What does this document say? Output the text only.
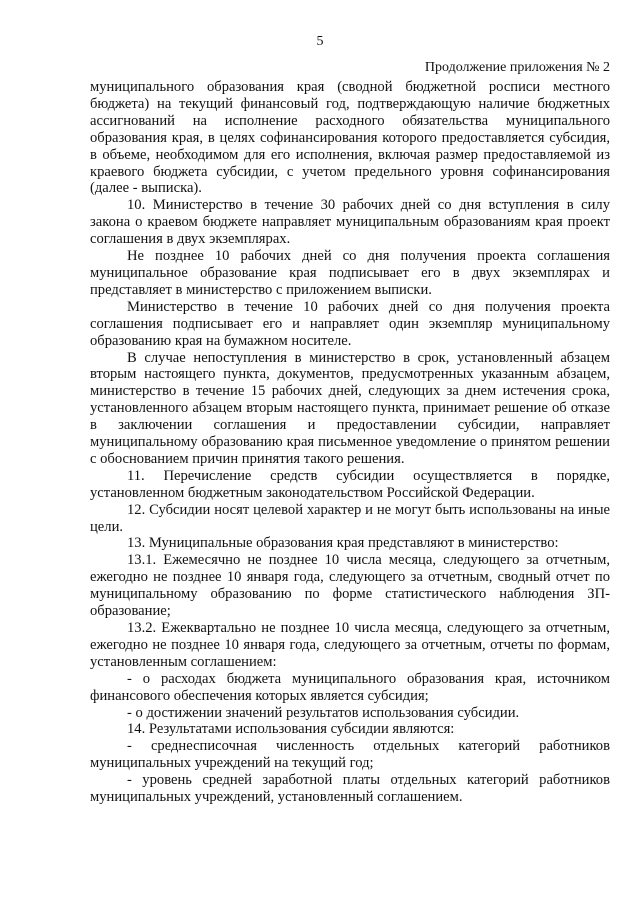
5
Продолжение приложения № 2

муниципального образования края (сводной бюджетной росписи местного бюджета) на текущий финансовый год, подтверждающую наличие бюджетных ассигнований на исполнение расходного обязательства муниципального образования края, в целях софинансирования которого предоставляется субсидия, в объеме, необходимом для его исполнения, включая размер предоставляемой из краевого бюджета субсидии, с учетом предельного уровня софинансирования (далее - выписка).

10. Министерство в течение 30 рабочих дней со дня вступления в силу закона о краевом бюджете направляет муниципальным образованиям края проект соглашения в двух экземплярах.

Не позднее 10 рабочих дней со дня получения проекта соглашения муниципальное образование края подписывает его в двух экземплярах и представляет в министерство с приложением выписки.

Министерство в течение 10 рабочих дней со дня получения проекта соглашения подписывает его и направляет один экземпляр муниципальному образованию края на бумажном носителе.

В случае непоступления в министерство в срок, установленный абзацем вторым настоящего пункта, документов, предусмотренных указанным абзацем, министерство в течение 15 рабочих дней, следующих за днем истечения срока, установленного абзацем вторым настоящего пункта, принимает решение об отказе в заключении соглашения и предоставлении субсидии, направляет муниципальному образованию края письменное уведомление о принятом решении с обоснованием причин принятия такого решения.

11. Перечисление средств субсидии осуществляется в порядке, установленном бюджетным законодательством Российской Федерации.

12. Субсидии носят целевой характер и не могут быть использованы на иные цели.

13. Муниципальные образования края представляют в министерство:

13.1. Ежемесячно не позднее 10 числа месяца, следующего за отчетным, ежегодно не позднее 10 января года, следующего за отчетным, сводный отчет по муниципальному образованию по форме статистического наблюдения ЗП-образование;

13.2. Ежеквартально не позднее 10 числа месяца, следующего за отчетным, ежегодно не позднее 10 января года, следующего за отчетным, отчеты по формам, установленным соглашением:

- о расходах бюджета муниципального образования края, источником финансового обеспечения которых является субсидия;

- о достижении значений результатов использования субсидии.

14. Результатами использования субсидии являются:

- среднесписочная численность отдельных категорий работников муниципальных учреждений на текущий год;

- уровень средней заработной платы отдельных категорий работников муниципальных учреждений, установленный соглашением.
